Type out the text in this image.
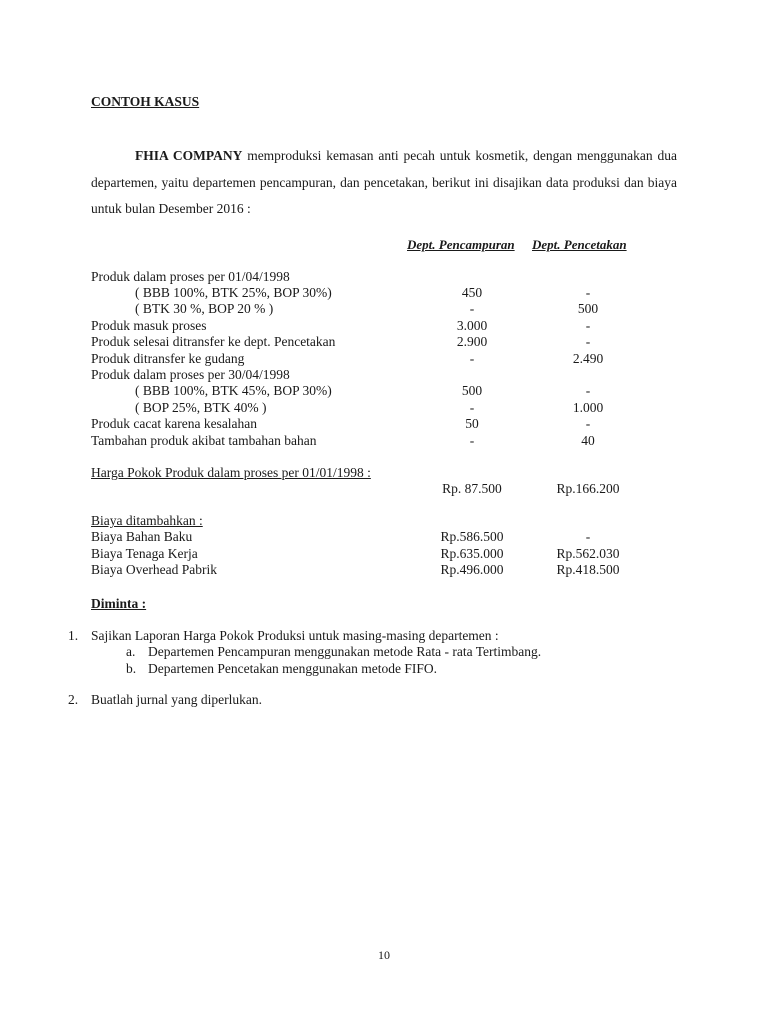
CONTOH KASUS
FHIA COMPANY memproduksi kemasan anti pecah untuk kosmetik, dengan menggunakan dua departemen, yaitu departemen pencampuran, dan pencetakan, berikut ini disajikan data produksi dan biaya untuk bulan Desember 2016 :
Dept. Pencampuran Dept. Pencetakan
Produk dalam proses per 01/04/1998
( BBB 100%, BTK 25%, BOP 30%)	450	-
( BTK 30 %, BOP 20 % )	-	500
Produk masuk proses	3.000	-
Produk selesai ditransfer ke dept. Pencetakan	2.900	-
Produk ditransfer ke gudang	-	2.490
Produk dalam proses per 30/04/1998
( BBB 100%, BTK 45%, BOP 30%)	500	-
( BOP 25%, BTK 40% )	-	1.000
Produk cacat karena kesalahan	50	-
Tambahan produk akibat tambahan bahan	-	40
Harga Pokok Produk dalam proses per 01/01/1998 :
Rp. 87.500	Rp.166.200
Biaya ditambahkan :
Biaya Bahan Baku	Rp.586.500	-
Biaya Tenaga Kerja	Rp.635.000	Rp.562.030
Biaya Overhead Pabrik	Rp.496.000	Rp.418.500
Diminta :
1. Sajikan Laporan Harga Pokok Produksi untuk masing-masing departemen :
a. Departemen Pencampuran menggunakan metode Rata - rata Tertimbang.
b. Departemen Pencetakan menggunakan metode FIFO.
2. Buatlah jurnal yang diperlukan.
10
